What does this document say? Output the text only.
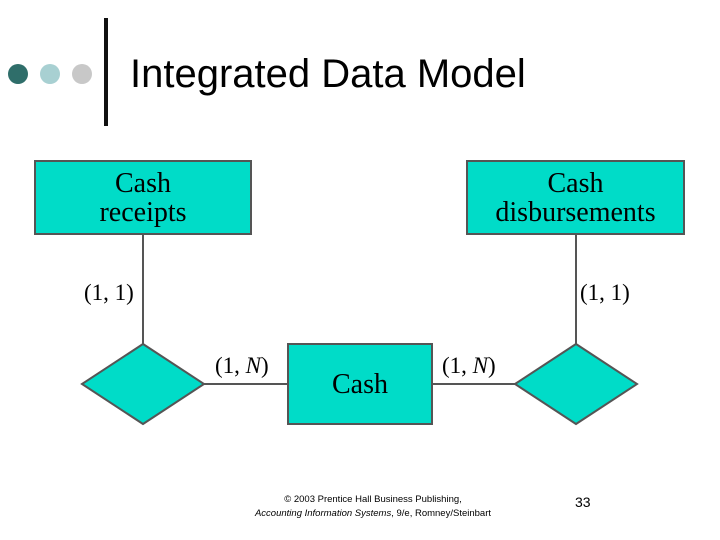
Integrated Data Model
Cash
receipts
Cash
disbursements
Cash
(1, 1)	(1, 1)
(1, N)	(1, N)
© 2003 Prentice Hall Business Publishing,
Accounting Information Systems, 9/e, Romney/Steinbart
33
